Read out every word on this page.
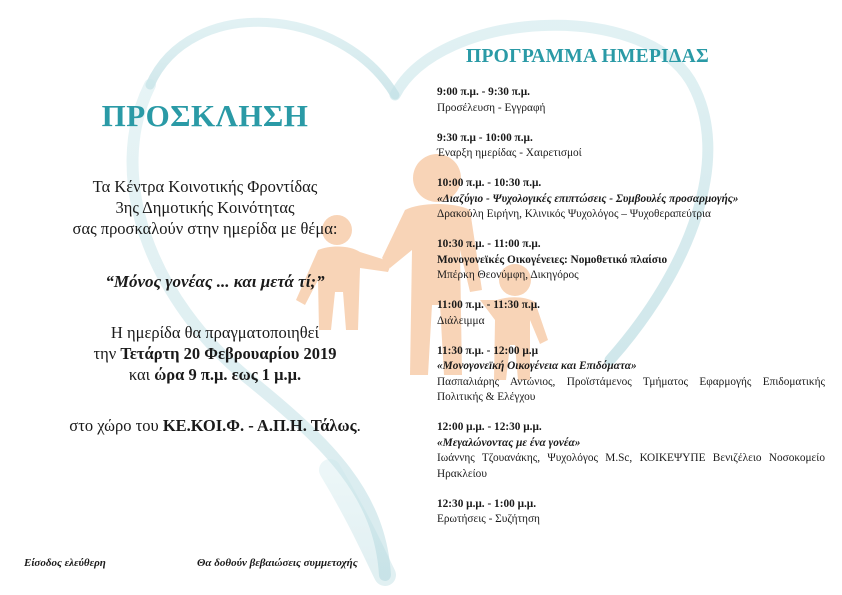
ΠΡΟΣΚΛΗΣΗ
Τα Κέντρα Κοινοτικής Φροντίδας
3ης Δημοτικής Κοινότητας
σας προσκαλούν στην ημερίδα με θέμα:
“Μόνος γονέας ... και μετά τί;”
Η ημερίδα θα πραγματοποιηθεί
την Τετάρτη 20 Φεβρουαρίου 2019
και ώρα 9 π.μ. εως 1 μ.μ.
στο χώρο του ΚΕ.ΚΟΙ.Φ. - Α.Π.Η. Τάλως.
Είσοδος ελεύθερη	Θα δοθούν βεβαιώσεις συμμετοχής
ΠΡΟΓΡΑΜΜΑ ΗΜΕΡΙΔΑΣ
9:00 π.μ. - 9:30 π.μ.
Προσέλευση - Εγγραφή
9:30 π.μ - 10:00 π.μ.
Έναρξη ημερίδας - Χαιρετισμοί
10:00 π.μ. - 10:30 π.μ.
«Διαζύγιο - Ψυχολογικές επιπτώσεις - Συμβουλές προσαρμογής»
Δρακούλη Ειρήνη, Κλινικός Ψυχολόγος – Ψυχοθεραπεύτρια
10:30 π.μ. - 11:00 π.μ.
Μονογονεϊκές Οικογένειες: Νομοθετικό πλαίσιο
Μπέρκη Θεονύμφη, Δικηγόρος
11:00 π.μ. - 11:30 π.μ.
Διάλειμμα
11:30 π.μ. - 12:00 μ.μ
«Μονογονεϊκή Οικογένεια και Επιδόματα»
Πασπαλιάρης Αντώνιος, Προϊστάμενος Τμήματος Εφαρμογής Επιδοματικής Πολιτικής & Ελέγχου
12:00 μ.μ. - 12:30 μ.μ.
«Μεγαλώνοντας με ένα γονέα»
Ιωάννης Τζουανάκης, Ψυχολόγος M.Sc, ΚΟΙΚΕΨΥΠΕ Βενιζέλειο Νοσοκομείο Ηρακλείου
12:30 μ.μ. - 1:00 μ.μ.
Ερωτήσεις - Συζήτηση
